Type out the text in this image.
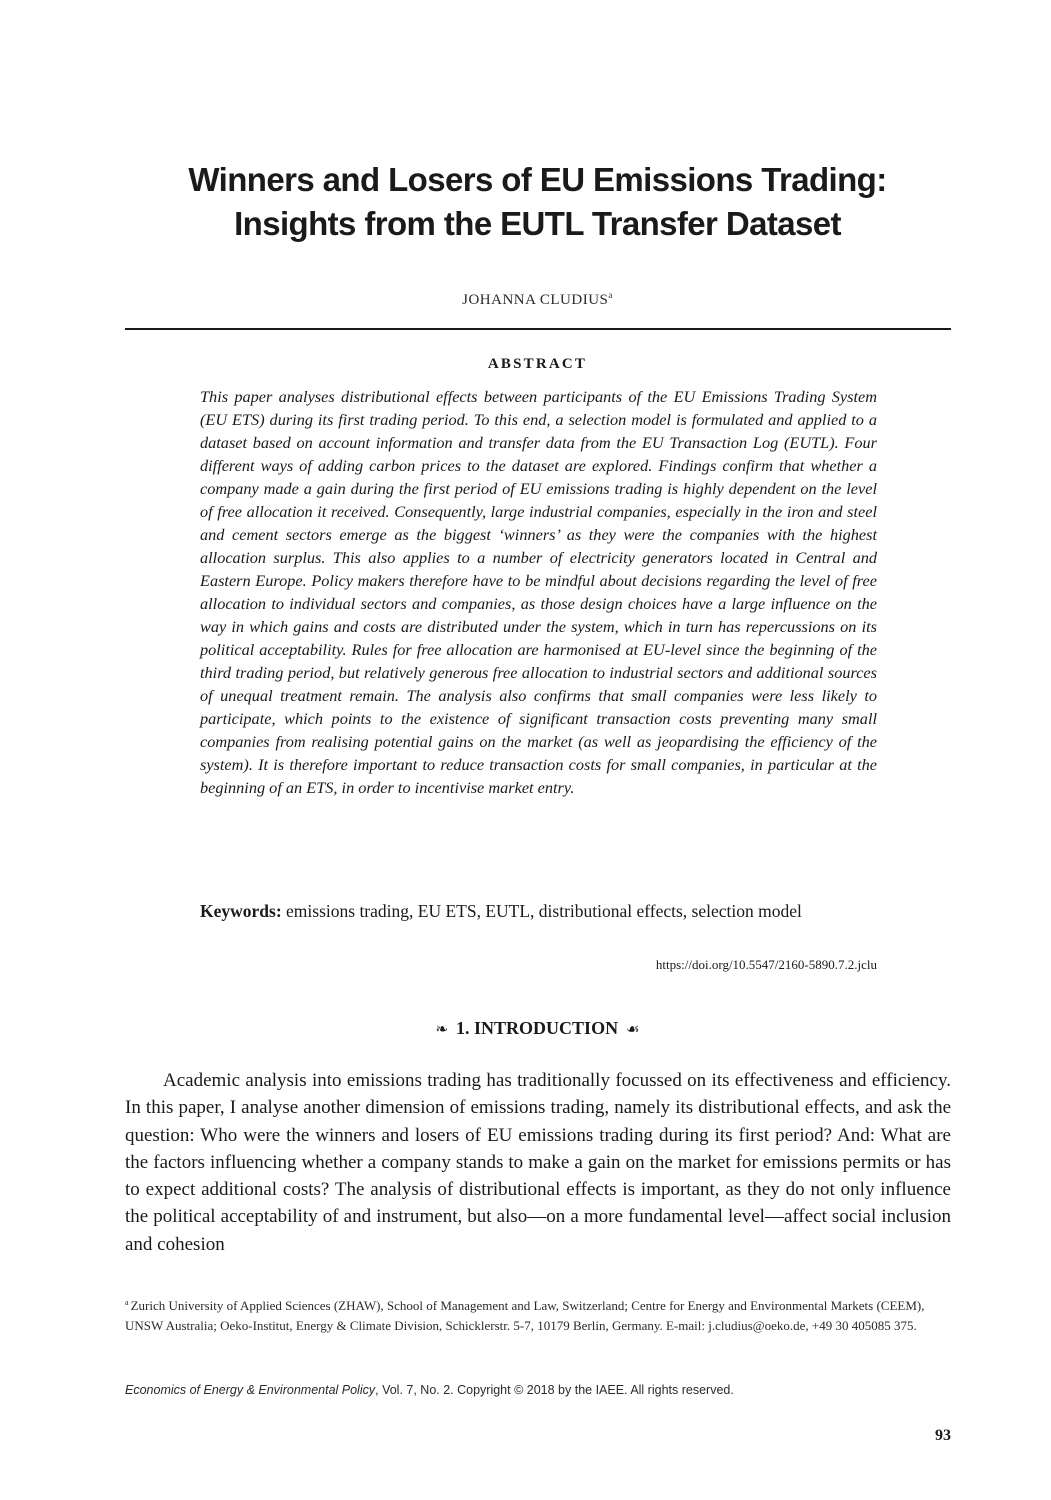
Winners and Losers of EU Emissions Trading:
Insights from the EUTL Transfer Dataset
JOHANNA CLUDIUS$^a$
ABSTRACT
This paper analyses distributional effects between participants of the EU Emissions Trading System (EU ETS) during its first trading period. To this end, a selection model is formulated and applied to a dataset based on account information and transfer data from the EU Transaction Log (EUTL). Four different ways of adding carbon prices to the dataset are explored. Findings confirm that whether a company made a gain during the first period of EU emissions trading is highly dependent on the level of free allocation it received. Consequently, large industrial companies, especially in the iron and steel and cement sectors emerge as the biggest ‘winners’ as they were the companies with the highest allocation surplus. This also applies to a number of electricity generators located in Central and Eastern Europe. Policy makers therefore have to be mindful about decisions regarding the level of free allocation to individual sectors and companies, as those design choices have a large influence on the way in which gains and costs are distributed under the system, which in turn has repercussions on its political acceptability. Rules for free allocation are harmonised at EU-level since the beginning of the third trading period, but relatively generous free allocation to industrial sectors and additional sources of unequal treatment remain. The analysis also confirms that small companies were less likely to participate, which points to the existence of significant transaction costs preventing many small companies from realising potential gains on the market (as well as jeopardising the efficiency of the system). It is therefore important to reduce transaction costs for small companies, in particular at the beginning of an ETS, in order to incentivise market entry.
Keywords: emissions trading, EU ETS, EUTL, distributional effects, selection model
https://doi.org/10.5547/2160-5890.7.2.jclu
❧ 1. INTRODUCTION ☙

Academic analysis into emissions trading has traditionally focussed on its effectiveness and efficiency. In this paper, I analyse another dimension of emissions trading, namely its distributional effects, and ask the question: Who were the winners and losers of EU emissions trading during its first period? And: What are the factors influencing whether a company stands to make a gain on the market for emissions permits or has to expect additional costs? The analysis of distributional effects is important, as they do not only influence the political acceptability of and instrument, but also—on a more fundamental level—affect social inclusion and cohesion

$^a$ Zurich University of Applied Sciences (ZHAW), School of Management and Law, Switzerland; Centre for Energy and Environmental Markets (CEEM), UNSW Australia; Oeko-Institut, Energy & Climate Division, Schicklerstr. 5-7, 10179 Berlin, Germany. E-mail: j.cludius@oeko.de, +49 30 405085 375.
Economics of Energy & Environmental Policy, Vol. 7, No. 2. Copyright © 2018 by the IAEE. All rights reserved.
93
